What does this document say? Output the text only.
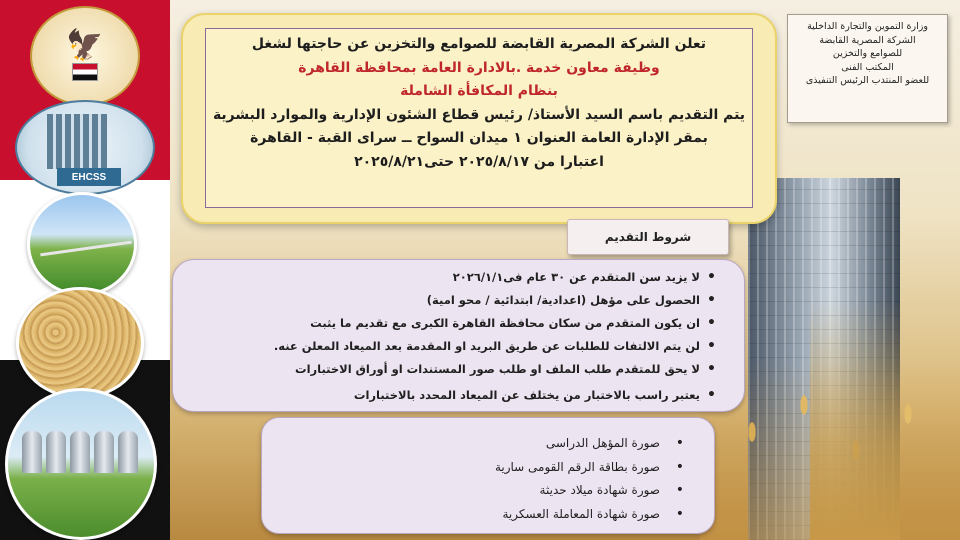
🦅
EHCSS
وزارة التموين والتجارة الداخلية
الشركة المصرية القابضة
للصوامع والتخزين
المكتب الفنى
للعضو المنتدب الرئيس التنفيذى
تعلن الشركة المصرية القابضة للصوامع والتخزين عن حاجتها لشغل
وظيفة معاون خدمة .بالادارة العامة بمحافظة القاهرة
بنظام المكافأة الشاملة
يتم التقديم باسم السيد الأستاذ/ رئيس قطاع الشئون الإدارية والموارد البشرية
بمقر الإدارة العامة العنوان ١ ميدان السواح ــ سراى القبة - القاهرة
اعتبارا من ٢٠٢٥/٨/١٧ حتى٢٠٢٥/٨/٢١
شروط التقديم
• لا يزيد سن المتقدم عن ٣٠ عام فى٢٠٢٦/١/١
• الحصول على مؤهل (اعدادية/ ابتدائية / محو امية)
• ان يكون المتقدم من سكان محافظة القاهرة الكبرى مع تقديم ما يثبت
• لن يتم الالتفات للطلبات عن طريق البريد او المقدمة بعد الميعاد المعلن عنه.
• لا يحق للمتقدم طلب الملف او طلب صور المستندات او أوراق الاختبارات
• يعتبر راسب بالاختبار من يختلف عن الميعاد المحدد بالاختبارات
• صورة المؤهل الدراسى
• صورة بطاقة الرقم القومى سارية
• صورة شهادة ميلاد حديثة
• صورة شهادة المعاملة العسكرية
